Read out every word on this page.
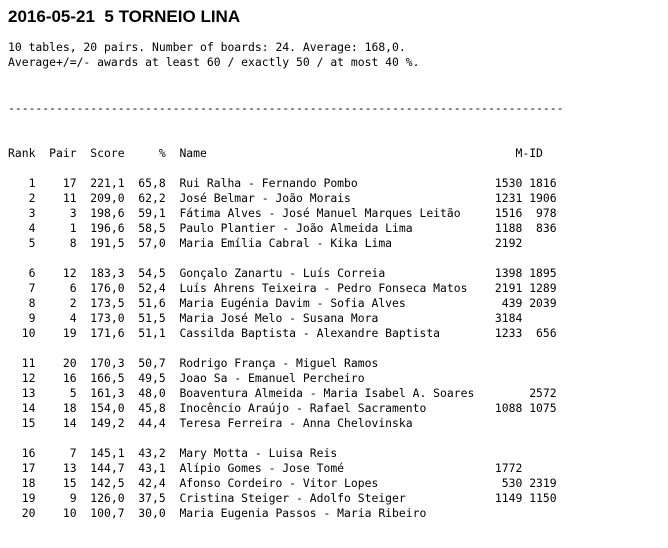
2016-05-21  5 TORNEIO LINA
10 tables, 20 pairs. Number of boards: 24. Average: 168,0.
Average+/=/- awards at least 60 / exactly 50 / at most 40 %.
---------------------------------------------------------------------------------

Rank  Pair  Score     %  Name                                             M-ID
1    17  221,1  65,8  Rui Ralha - Fernando Pombo                    1530 1816
2    11  209,0  62,2  José Belmar - João Morais                     1231 1906
3     3  198,6  59,1  Fátima Alves - José Manuel Marques Leitão     1516  978
4     1  196,6  58,5  Paulo Plantier - João Almeida Lima            1188  836
5     8  191,5  57,0  Maria Emília Cabral - Kika Lima               2192
6    12  183,3  54,5  Gonçalo Zanartu - Luís Correia                1398 1895
7     6  176,0  52,4  Luís Ahrens Teixeira - Pedro Fonseca Matos    2191 1289
8     2  173,5  51,6  Maria Eugénia Davim - Sofia Alves              439 2039
9     4  173,0  51,5  Maria José Melo - Susana Mora                 3184
10    19  171,6  51,1  Cassilda Baptista - Alexandre Baptista        1233  656
11    20  170,3  50,7  Rodrigo França - Miguel Ramos
12    16  166,5  49,5  Joao Sa - Emanuel Percheiro
13     5  161,3  48,0  Boaventura Almeida - Maria Isabel A. Soares        2572
14    18  154,0  45,8  Inocêncio Araújo - Rafael Sacramento          1088 1075
15    14  149,2  44,4  Teresa Ferreira - Anna Chelovinska
16     7  145,1  43,2  Mary Motta - Luisa Reis
17    13  144,7  43,1  Alípio Gomes - Jose Tomé                      1772
18    15  142,5  42,4  Afonso Cordeiro - Vitor Lopes                  530 2319
19     9  126,0  37,5  Cristina Steiger - Adolfo Steiger             1149 1150
20    10  100,7  30,0  Maria Eugenia Passos - Maria Ribeiro
